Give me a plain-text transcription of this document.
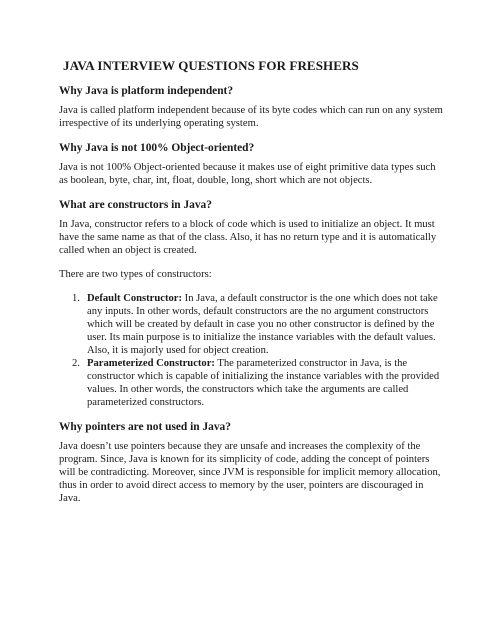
JAVA INTERVIEW QUESTIONS FOR FRESHERS
Why Java is platform independent?
Java is called platform independent because of its byte codes which can run on any system irrespective of its underlying operating system.
Why Java is not 100% Object-oriented?
Java is not 100% Object-oriented because it makes use of eight primitive data types such as boolean, byte, char, int, float, double, long, short which are not objects.
What are constructors in Java?
In Java, constructor refers to a block of code which is used to initialize an object. It must have the same name as that of the class. Also, it has no return type and it is automatically called when an object is created.
There are two types of constructors:
1. Default Constructor: In Java, a default constructor is the one which does not take any inputs. In other words, default constructors are the no argument constructors which will be created by default in case you no other constructor is defined by the user. Its main purpose is to initialize the instance variables with the default values. Also, it is majorly used for object creation.
2. Parameterized Constructor: The parameterized constructor in Java, is the constructor which is capable of initializing the instance variables with the provided values. In other words, the constructors which take the arguments are called parameterized constructors.
Why pointers are not used in Java?
Java doesn’t use pointers because they are unsafe and increases the complexity of the program. Since, Java is known for its simplicity of code, adding the concept of pointers will be contradicting. Moreover, since JVM is responsible for implicit memory allocation, thus in order to avoid direct access to memory by the user, pointers are discouraged in Java.
